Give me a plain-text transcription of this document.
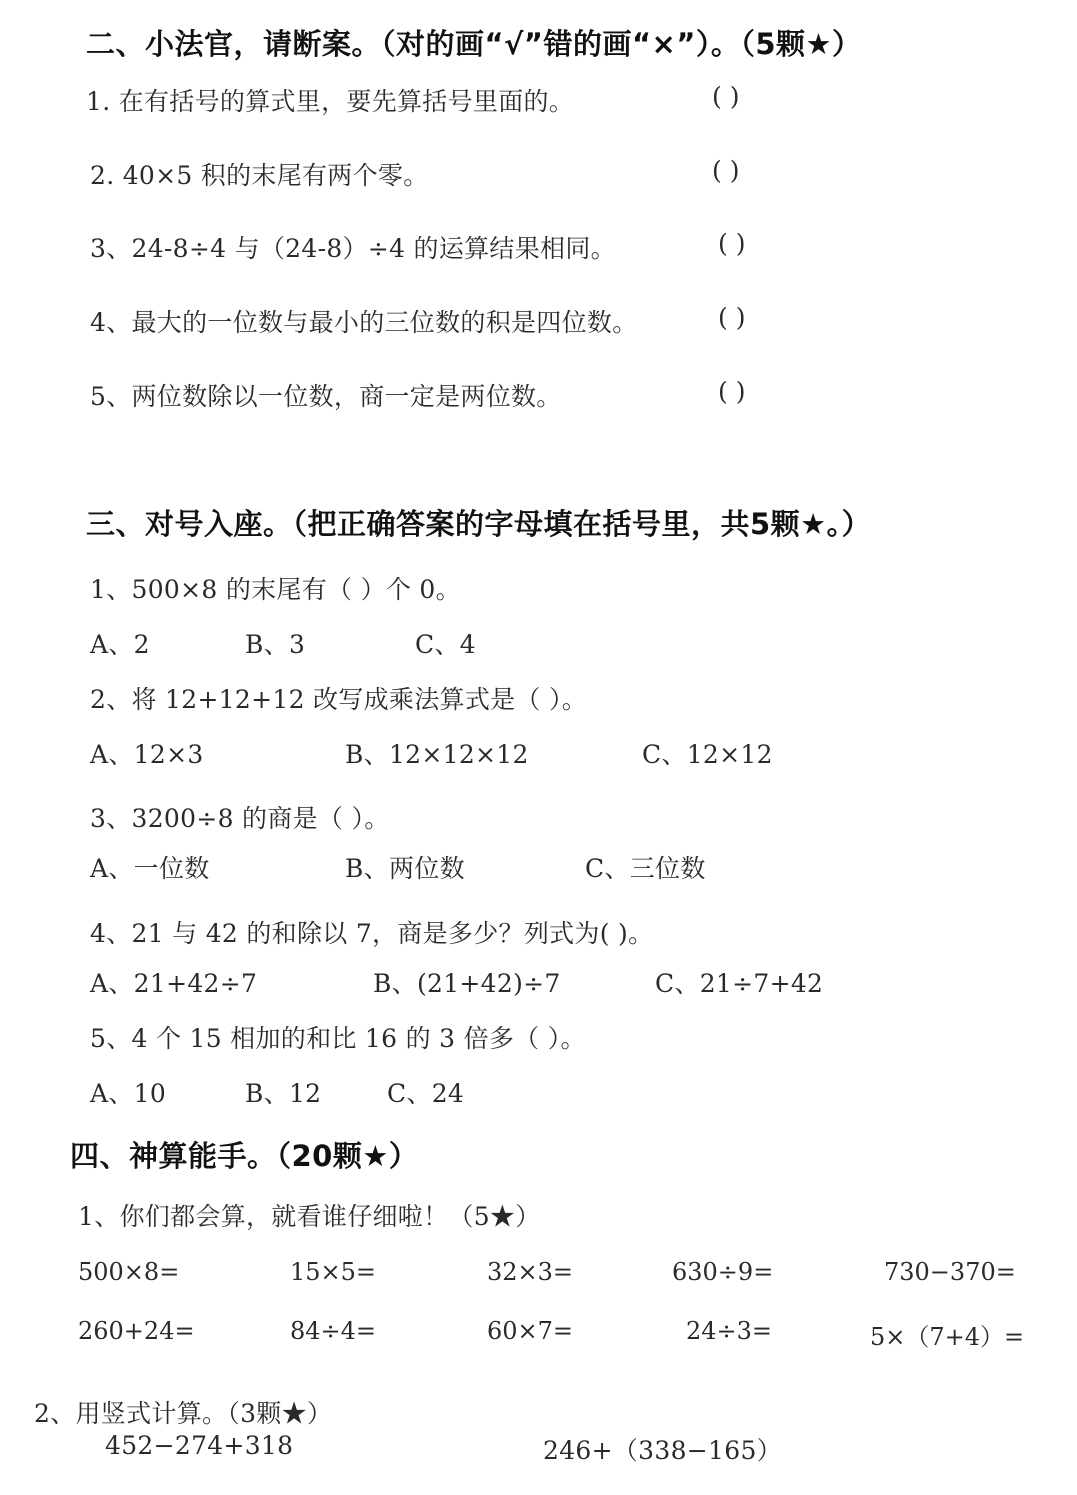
二、小法官，请断案。（对的画“√”错的画“×”）。（5颗★）
1. 在有括号的算式里，要先算括号里面的。	( )
2. 40×5 积的末尾有两个零。	( )
3、24-8÷4 与（24-8）÷4 的运算结果相同。	( )
4、最大的一位数与最小的三位数的积是四位数。	( )
5、两位数除以一位数，商一定是两位数。	( )
三、对号入座。（把正确答案的字母填在括号里，共5颗★。）
1、500×8 的末尾有（ ）个 0。
A、2	B、3	C、4
2、将 12+12+12 改写成乘法算式是（ ）。
A、12×3	B、12×12×12	C、12×12
3、3200÷8 的商是（ ）。
A、一位数	B、两位数	C、三位数
4、21 与 42 的和除以 7，商是多少？列式为( )。
A、21+42÷7	B、(21+42)÷7	C、21÷7+42
5、4 个 15 相加的和比 16 的 3 倍多（ ）。
A、10	B、12	C、24
四、神算能手。（20颗★）
1、你们都会算，就看谁仔细啦！（5★）
500×8=	15×5=	32×3=	630÷9=	730−370=
260+24=	84÷4=	60×7=	24÷3=	5×（7+4）=
2、用竖式计算。（3颗★）
452−274+318	246+（338−165）
